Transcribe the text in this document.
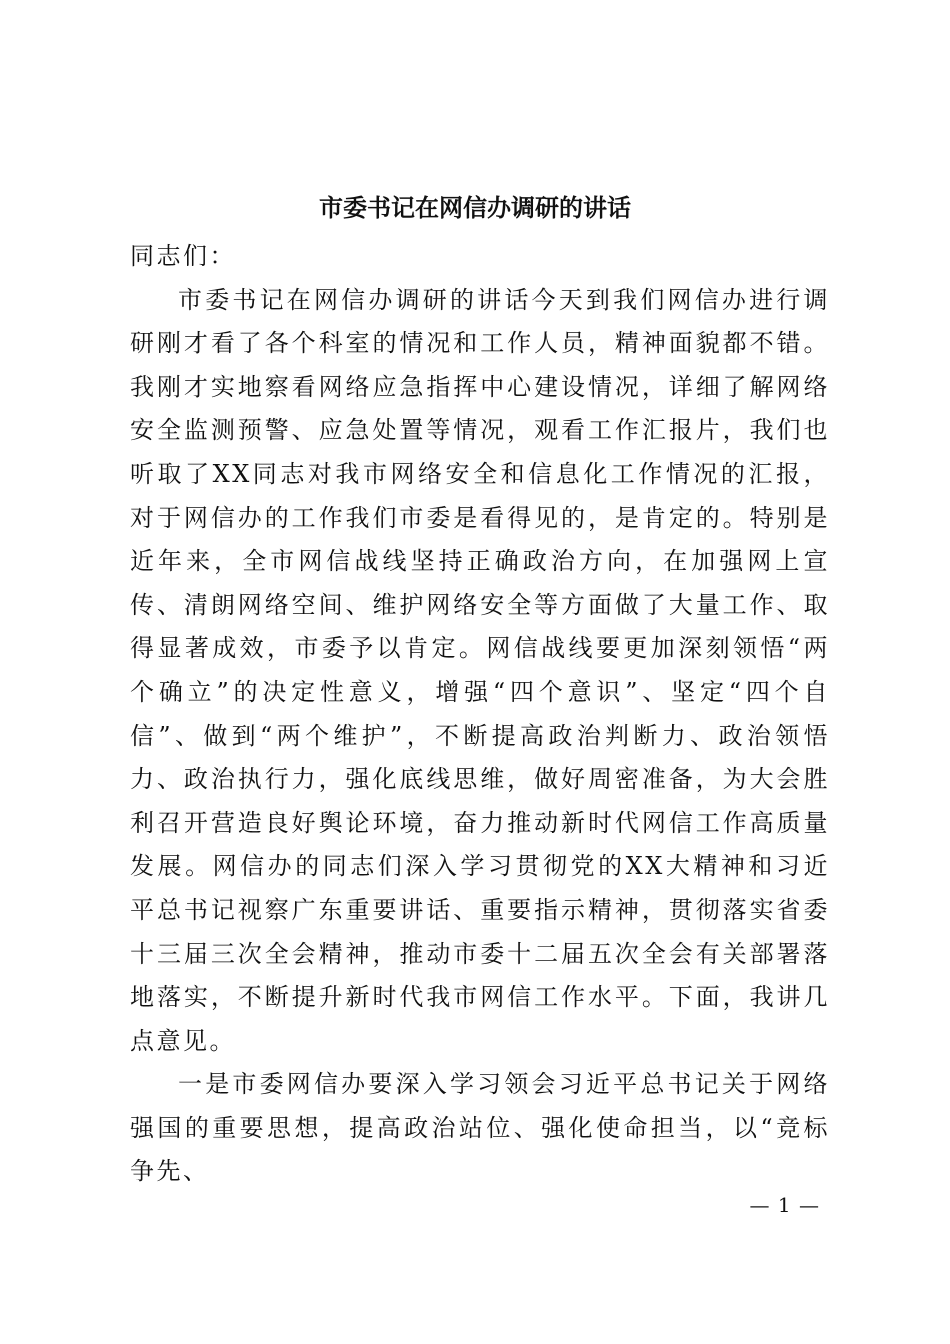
市委书记在网信办调研的讲话

同志们：

市委书记在网信办调研的讲话今天到我们网信办进行调研刚才看了各个科室的情况和工作人员，精神面貌都不错。我刚才实地察看网络应急指挥中心建设情况，详细了解网络安全监测预警、应急处置等情况，观看工作汇报片，我们也听取了XX同志对我市网络安全和信息化工作情况的汇报，对于网信办的工作我们市委是看得见的，是肯定的。特别是近年来，全市网信战线坚持正确政治方向，在加强网上宣传、清朗网络空间、维护网络安全等方面做了大量工作、取得显著成效，市委予以肯定。网信战线要更加深刻领悟“两个确立”的决定性意义，增强“四个意识”、坚定“四个自信”、做到“两个维护”，不断提高政治判断力、政治领悟力、政治执行力，强化底线思维，做好周密准备，为大会胜利召开营造良好舆论环境，奋力推动新时代网信工作高质量发展。网信办的同志们深入学习贯彻党的XX大精神和习近平总书记视察广东重要讲话、重要指示精神，贯彻落实省委十三届三次全会精神，推动市委十二届五次全会有关部署落地落实，不断提升新时代我市网信工作水平。下面，我讲几点意见。

一是市委网信办要深入学习领会习近平总书记关于网络强国的重要思想，提高政治站位、强化使命担当，以“竞标争先、

— 1 —
